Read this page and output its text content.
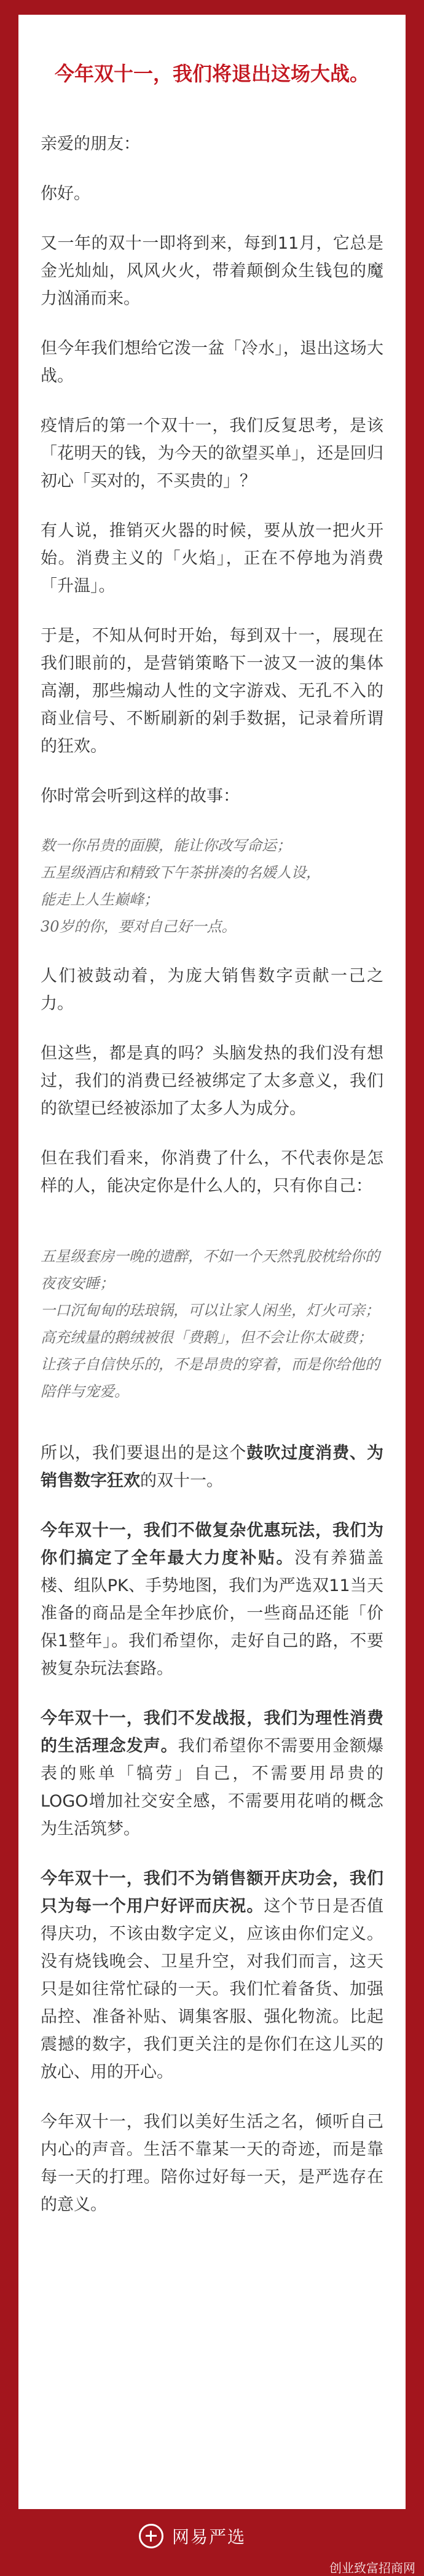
今年双十一，我们将退出这场大战。

亲爱的朋友：

你好。

又一年的双十一即将到来，每到11月，它总是金光灿灿，风风火火，带着颠倒众生钱包的魔力汹涌而来。

但今年我们想给它泼一盆「冷水」，退出这场大战。

疫情后的第一个双十一，我们反复思考，是该「花明天的钱，为今天的欲望买单」，还是回归初心「买对的，不买贵的」？

有人说，推销灭火器的时候，要从放一把火开始。消费主义的「火焰」，正在不停地为消费「升温」。

于是，不知从何时开始，每到双十一，展现在我们眼前的，是营销策略下一波又一波的集体高潮，那些煽动人性的文字游戏、无孔不入的商业信号、不断刷新的剁手数据，记录着所谓的狂欢。

你时常会听到这样的故事：

数一你吊贵的面膜，能让你改写命运；
五星级酒店和精致下午茶拼凑的名媛人设，
能走上人生巅峰；
30岁的你，要对自己好一点。

人们被鼓动着，为庞大销售数字贡献一己之力。

但这些，都是真的吗？头脑发热的我们没有想过，我们的消费已经被绑定了太多意义，我们的欲望已经被添加了太多人为成分。

但在我们看来，你消费了什么，不代表你是怎样的人，能决定你是什么人的，只有你自己：

五星级套房一晚的遗醉，不如一个天然乳胶枕给你的夜夜安睡；
一口沉甸甸的珐琅锅，可以让家人闲坐，灯火可亲；
高充绒量的鹅绒被很「费鹅」，但不会让你太破费；
让孩子自信快乐的，不是昂贵的穿着，而是你给他的陪伴与宠爱。

所以，我们要退出的是这个鼓吹过度消费、为销售数字狂欢的双十一。

今年双十一，我们不做复杂优惠玩法，我们为你们搞定了全年最大力度补贴。没有养猫盖楼、组队PK、手势地图，我们为严选双11当天准备的商品是全年抄底价，一些商品还能「价保1整年」。我们希望你，走好自己的路，不要被复杂玩法套路。

今年双十一，我们不发战报，我们为理性消费的生活理念发声。我们希望你不需要用金额爆表的账单「犒劳」自己，不需要用昂贵的LOGO增加社交安全感，不需要用花哨的概念为生活筑梦。

今年双十一，我们不为销售额开庆功会，我们只为每一个用户好评而庆祝。这个节日是否值得庆功，不该由数字定义，应该由你们定义。没有烧钱晚会、卫星升空，对我们而言，这天只是如往常忙碌的一天。我们忙着备货、加强品控、准备补贴、调集客服、强化物流。比起震撼的数字，我们更关注的是你们在这儿买的放心、用的开心。

今年双十一，我们以美好生活之名，倾听自己内心的声音。生活不靠某一天的奇迹，而是靠每一天的打理。陪你过好每一天，是严选存在的意义。

网易严选
创业致富招商网
